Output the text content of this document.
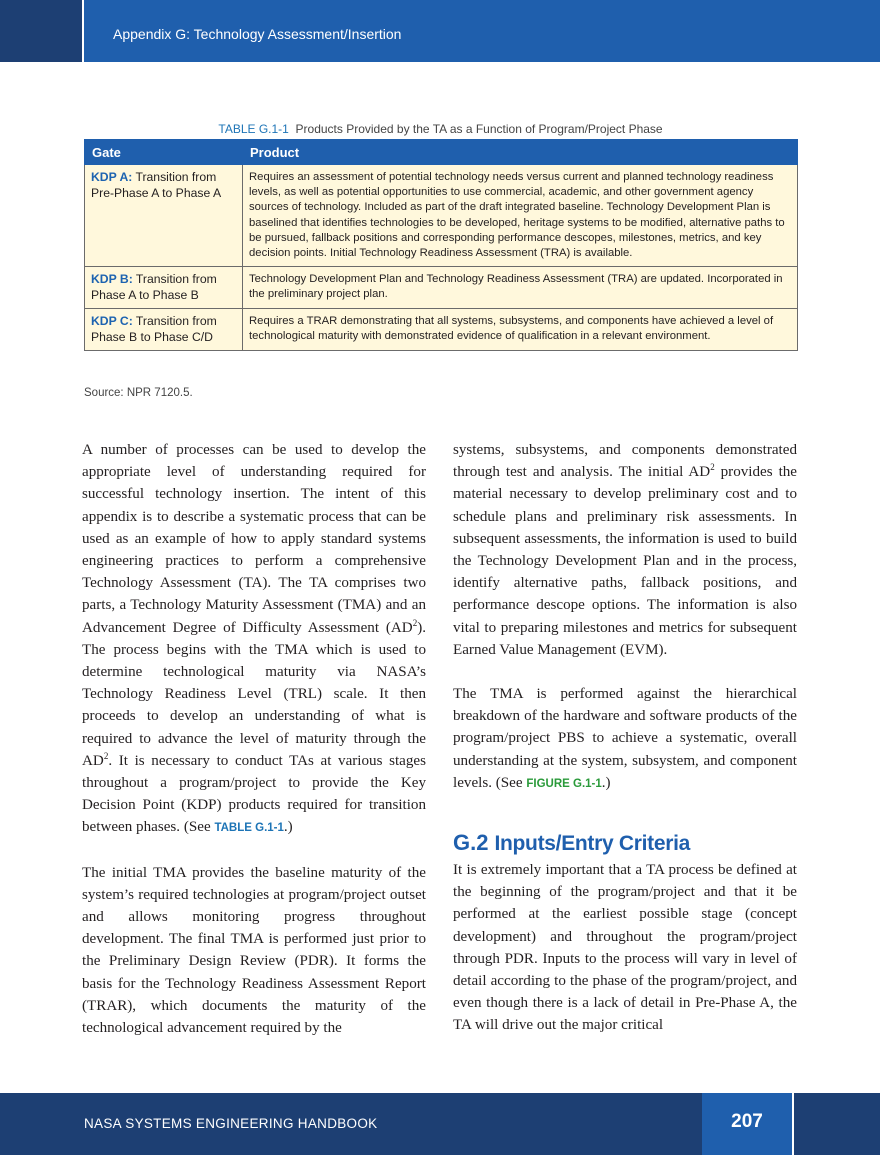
Appendix G: Technology Assessment/Insertion
TABLE G.1-1 Products Provided by the TA as a Function of Program/Project Phase
Gate	Product
KDP A: Transition from Pre-Phase A to Phase A	Requires an assessment of potential technology needs versus current and planned technology readiness levels, as well as potential opportunities to use commercial, academic, and other government agency sources of technology. Included as part of the draft integrated baseline. Technology Development Plan is baselined that identifies technologies to be developed, heritage systems to be modified, alternative paths to be pursued, fallback positions and corresponding performance descopes, milestones, metrics, and key decision points. Initial Technology Readiness Assessment (TRA) is available.
KDP B: Transition from Phase A to Phase B	Technology Development Plan and Technology Readiness Assessment (TRA) are updated. Incorporated in the preliminary project plan.
KDP C: Transition from Phase B to Phase C/D	Requires a TRAR demonstrating that all systems, subsystems, and components have achieved a level of technological maturity with demonstrated evidence of qualification in a relevant environment.
Source: NPR 7120.5.

A number of processes can be used to develop the appropriate level of understanding required for successful technology insertion. The intent of this appendix is to describe a systematic process that can be used as an example of how to apply standard systems engineering practices to perform a comprehensive Technology Assessment (TA). The TA comprises two parts, a Technology Maturity Assessment (TMA) and an Advancement Degree of Difficulty Assessment $(AD^2)$. The process begins with the TMA which is used to determine technological maturity via NASA’s Technology Readiness Level (TRL) scale. It then proceeds to develop an understanding of what is required to advance the level of maturity through the $AD^2$. It is necessary to conduct TAs at various stages throughout a program/project to provide the Key Decision Point (KDP) products required for transition between phases. (See TABLE G.1-1.)

The initial TMA provides the baseline maturity of the system’s required technologies at program/project outset and allows monitoring progress throughout development. The final TMA is performed just prior to the Preliminary Design Review (PDR). It forms the basis for the Technology Readiness Assessment Report (TRAR), which documents the maturity of the technological advancement required by the

systems, subsystems, and components demonstrated through test and analysis. The initial $AD^2$ provides the material necessary to develop preliminary cost and to schedule plans and preliminary risk assessments. In subsequent assessments, the information is used to build the Technology Development Plan and in the process, identify alternative paths, fallback positions, and performance descope options. The information is also vital to preparing milestones and metrics for subsequent Earned Value Management (EVM).

The TMA is performed against the hierarchical breakdown of the hardware and software products of the program/project PBS to achieve a systematic, overall understanding at the system, subsystem, and component levels. (See FIGURE G.1-1.)

G.2 Inputs/Entry Criteria

It is extremely important that a TA process be defined at the beginning of the program/project and that it be performed at the earliest possible stage (concept development) and throughout the program/project through PDR. Inputs to the process will vary in level of detail according to the phase of the program/project, and even though there is a lack of detail in Pre-Phase A, the TA will drive out the major critical

NASA SYSTEMS ENGINEERING HANDBOOK	207
